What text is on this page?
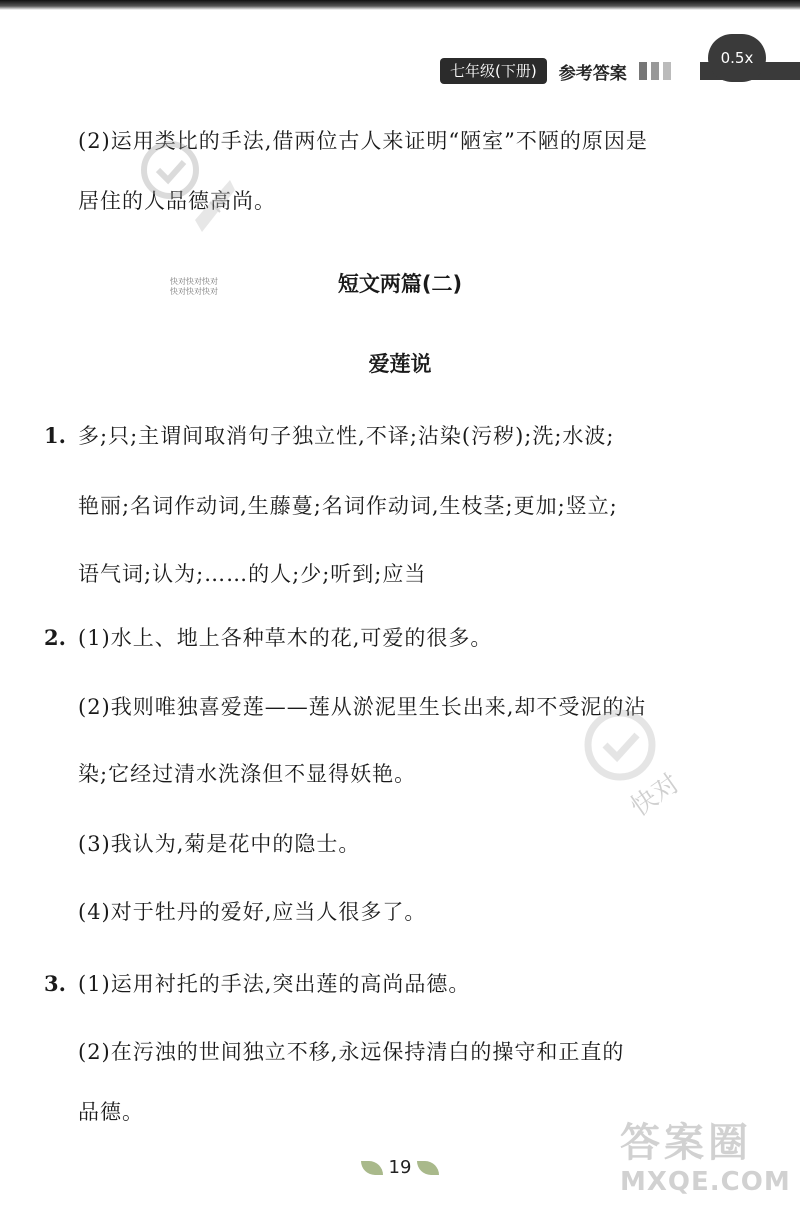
七年级(下册)	参考答案
0.5x
(2)运用类比的手法,借两位古人来证明“陋室”不陋的原因是
居住的人品德高尚。
快对快对快对
快对快对快对	短文两篇(二)
爱莲说
1. 多;只;主谓间取消句子独立性,不译;沾染(污秽);洗;水波;
艳丽;名词作动词,生藤蔓;名词作动词,生枝茎;更加;竖立;
语气词;认为;……的人;少;听到;应当
2. (1)水上、地上各种草木的花,可爱的很多。
(2)我则唯独喜爱莲——莲从淤泥里生长出来,却不受泥的沾
染;它经过清水洗涤但不显得妖艳。
(3)我认为,菊是花中的隐士。
(4)对于牡丹的爱好,应当人很多了。
快对
3. (1)运用衬托的手法,突出莲的高尚品德。
(2)在污浊的世间独立不移,永远保持清白的操守和正直的
品德。
19
答案圈
MXQE.COM
